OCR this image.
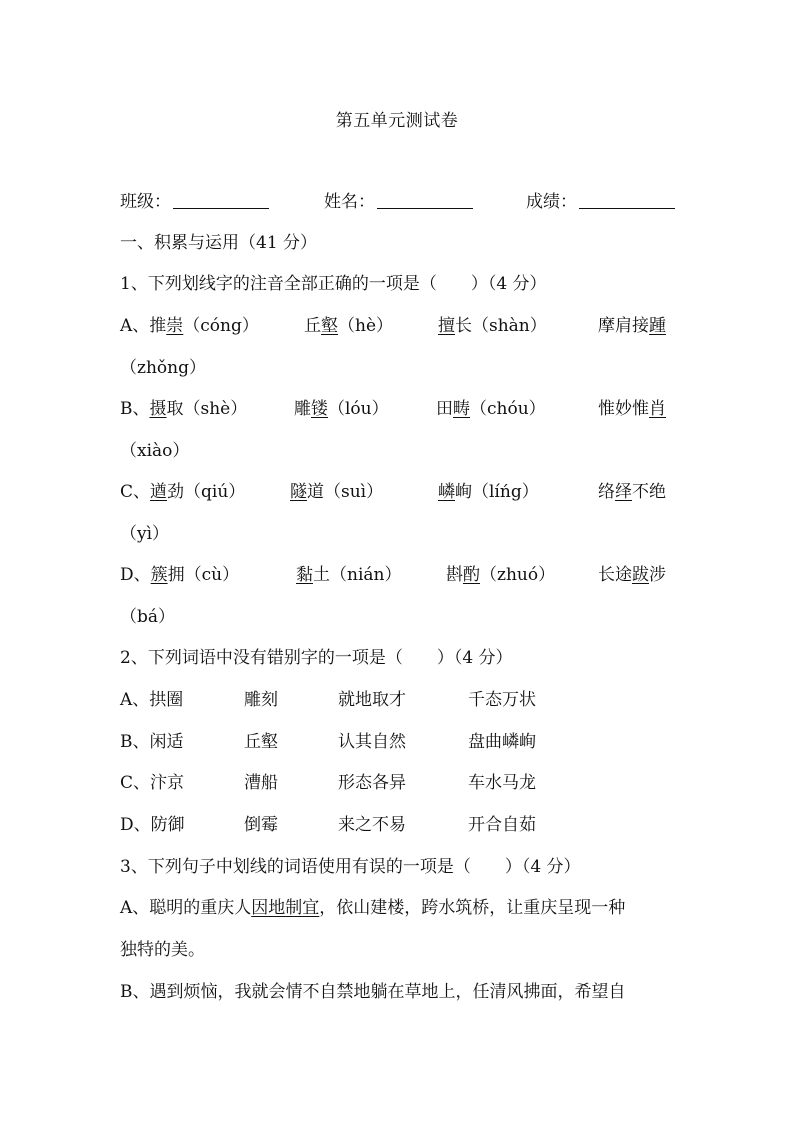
第五单元测试卷
班级：	姓名：	成绩：
一、积累与运用（41 分）
1、下列划线字的注音全部正确的一项是（　　）（4 分）
A、推崇（cóng）	丘壑（hè）	擅长（shàn）	摩肩接踵
（zhǒng）
B、摄取（shè）	雕镂（lóu）	田畴（chóu）	惟妙惟肖
（xiào）
C、遒劲（qiú）	隧道（suì）	嶙峋（líńg）	络绎不绝
（yì）
D、簇拥（cù）	黏土（nián）	斟酌（zhuó）	长途跋涉
（bá）
2、下列词语中没有错别字的一项是（　　）（4 分）
A、拱圈	雕刻	就地取才	千态万状
B、闲适	丘壑	认其自然	盘曲嶙峋
C、汴京	漕船	形态各异	车水马龙
D、防御	倒霉	来之不易	开合自茹
3、下列句子中划线的词语使用有误的一项是（　　）（4 分）
A、聪明的重庆人因地制宜，依山建楼，跨水筑桥，让重庆呈现一种
独特的美。
B、遇到烦恼，我就会情不自禁地躺在草地上，任清风拂面，希望自
